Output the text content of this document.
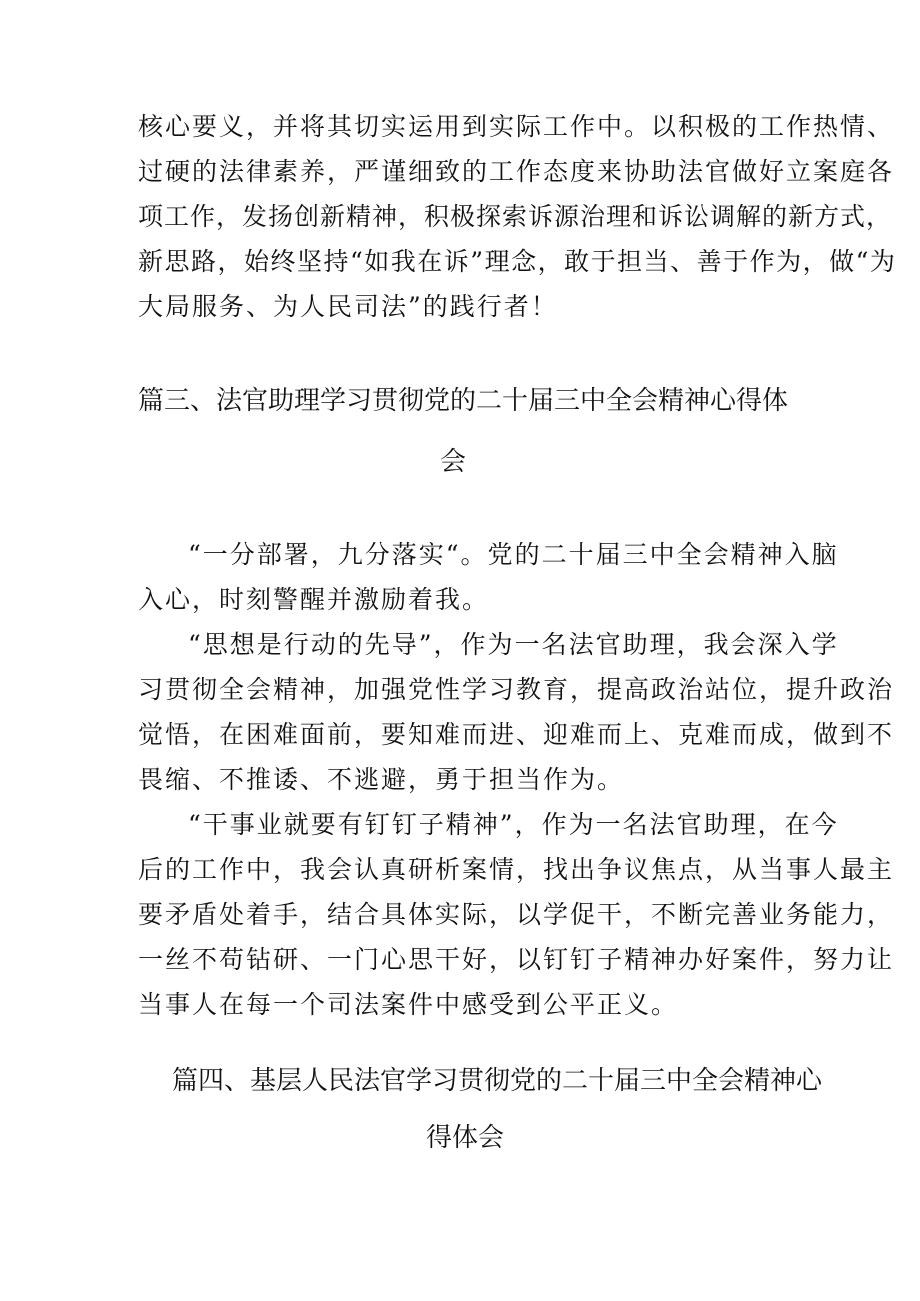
核心要义，并将其切实运用到实际工作中。以积极的工作热情、
过硬的法律素养，严谨细致的工作态度来协助法官做好立案庭各
项工作，发扬创新精神，积极探索诉源治理和诉讼调解的新方式，
新思路，始终坚持“如我在诉”理念，敢于担当、善于作为，做“为
大局服务、为人民司法”的践行者！
篇三、法官助理学习贯彻党的二十届三中全会精神心得体
会
“一分部署，九分落实“。党的二十届三中全会精神入脑
入心，时刻警醒并激励着我。
“思想是行动的先导”，作为一名法官助理，我会深入学
习贯彻全会精神，加强党性学习教育，提高政治站位，提升政治
觉悟，在困难面前，要知难而进、迎难而上、克难而成，做到不
畏缩、不推诿、不逃避，勇于担当作为。
“干事业就要有钉钉子精神”，作为一名法官助理，在今
后的工作中，我会认真研析案情，找出争议焦点，从当事人最主
要矛盾处着手，结合具体实际，以学促干，不断完善业务能力，
一丝不苟钻研、一门心思干好，以钉钉子精神办好案件，努力让
当事人在每一个司法案件中感受到公平正义。
篇四、基层人民法官学习贯彻党的二十届三中全会精神心
得体会
